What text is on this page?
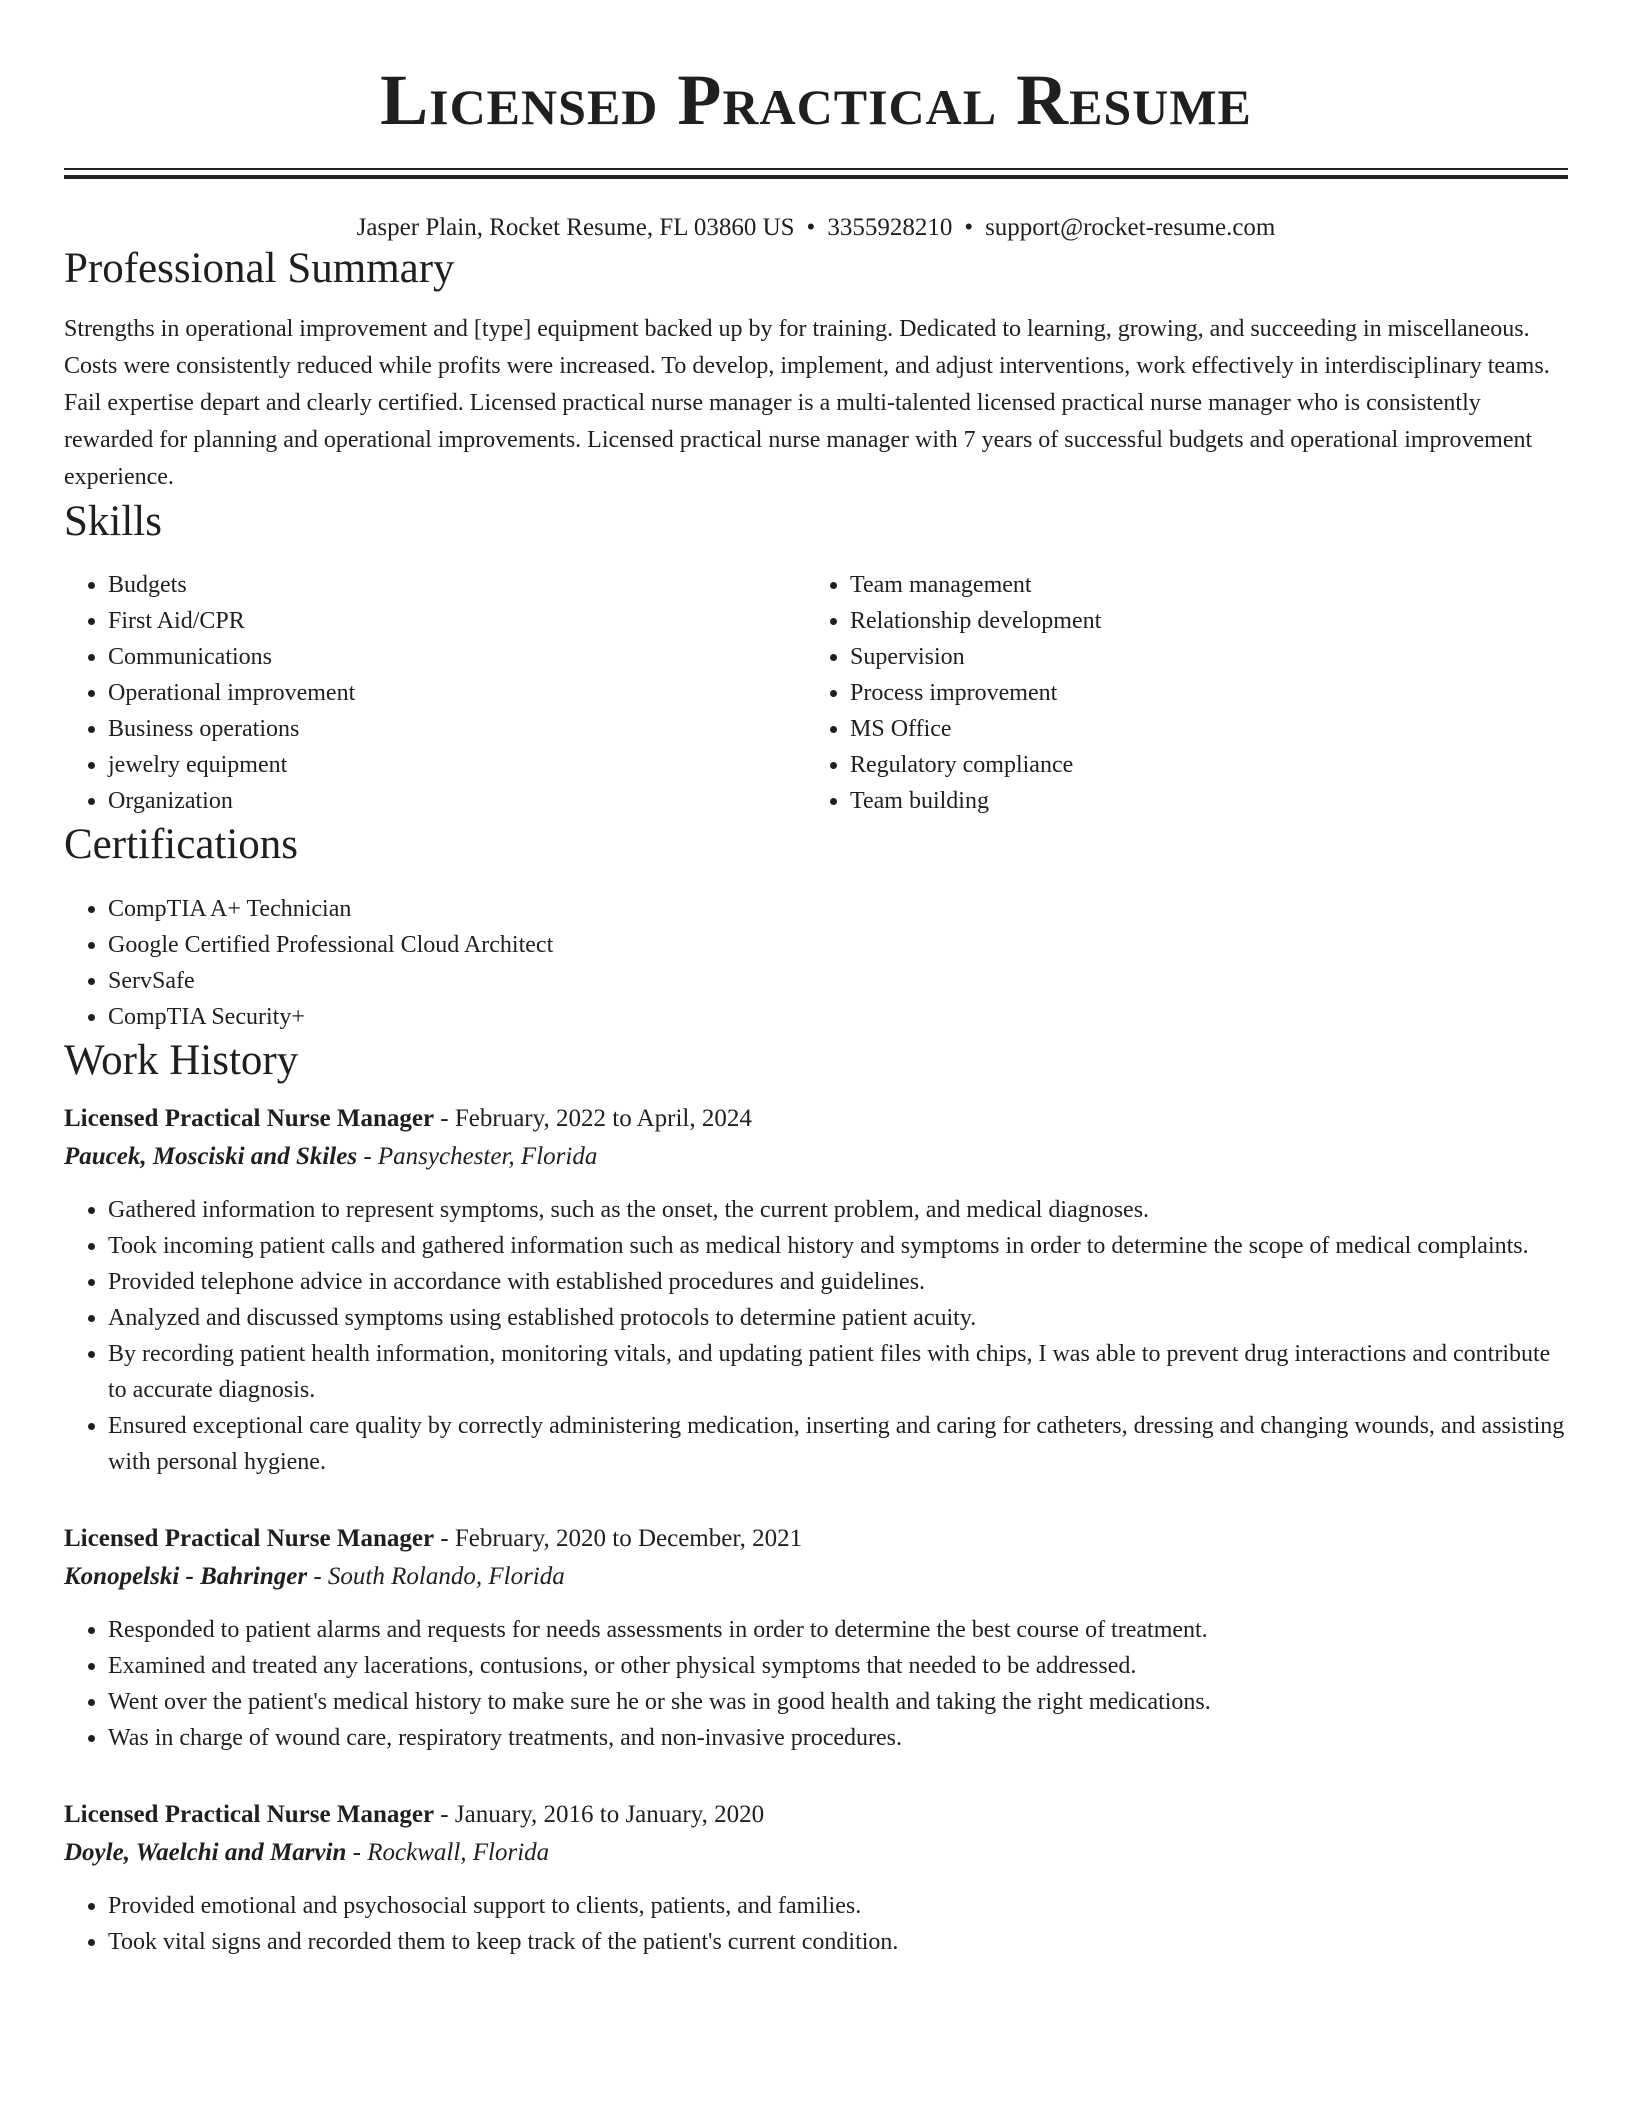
Licensed Practical Resume
Jasper Plain, Rocket Resume, FL 03860 US • 3355928210 • support@rocket-resume.com
Professional Summary

Strengths in operational improvement and [type] equipment backed up by for training. Dedicated to learning, growing, and succeeding in miscellaneous. Costs were consistently reduced while profits were increased. To develop, implement, and adjust interventions, work effectively in interdisciplinary teams. Fail expertise depart and clearly certified. Licensed practical nurse manager is a multi-talented licensed practical nurse manager who is consistently rewarded for planning and operational improvements. Licensed practical nurse manager with 7 years of successful budgets and operational improvement experience.

Skills
• Budgets
• First Aid/CPR
• Communications
• Operational improvement
• Business operations
• jewelry equipment
• Organization
• Team management
• Relationship development
• Supervision
• Process improvement
• MS Office
• Regulatory compliance
• Team building
Certifications
• CompTIA A+ Technician
• Google Certified Professional Cloud Architect
• ServSafe
• CompTIA Security+
Work History
Licensed Practical Nurse Manager - February, 2022 to April, 2024
Paucek, Mosciski and Skiles - Pansychester, Florida
• Gathered information to represent symptoms, such as the onset, the current problem, and medical diagnoses.
• Took incoming patient calls and gathered information such as medical history and symptoms in order to determine the scope of medical complaints.
• Provided telephone advice in accordance with established procedures and guidelines.
• Analyzed and discussed symptoms using established protocols to determine patient acuity.
• By recording patient health information, monitoring vitals, and updating patient files with chips, I was able to prevent drug interactions and contribute to accurate diagnosis.
• Ensured exceptional care quality by correctly administering medication, inserting and caring for catheters, dressing and changing wounds, and assisting with personal hygiene.
Licensed Practical Nurse Manager - February, 2020 to December, 2021
Konopelski - Bahringer - South Rolando, Florida
• Responded to patient alarms and requests for needs assessments in order to determine the best course of treatment.
• Examined and treated any lacerations, contusions, or other physical symptoms that needed to be addressed.
• Went over the patient's medical history to make sure he or she was in good health and taking the right medications.
• Was in charge of wound care, respiratory treatments, and non-invasive procedures.
Licensed Practical Nurse Manager - January, 2016 to January, 2020
Doyle, Waelchi and Marvin - Rockwall, Florida
• Provided emotional and psychosocial support to clients, patients, and families.
• Took vital signs and recorded them to keep track of the patient's current condition.
